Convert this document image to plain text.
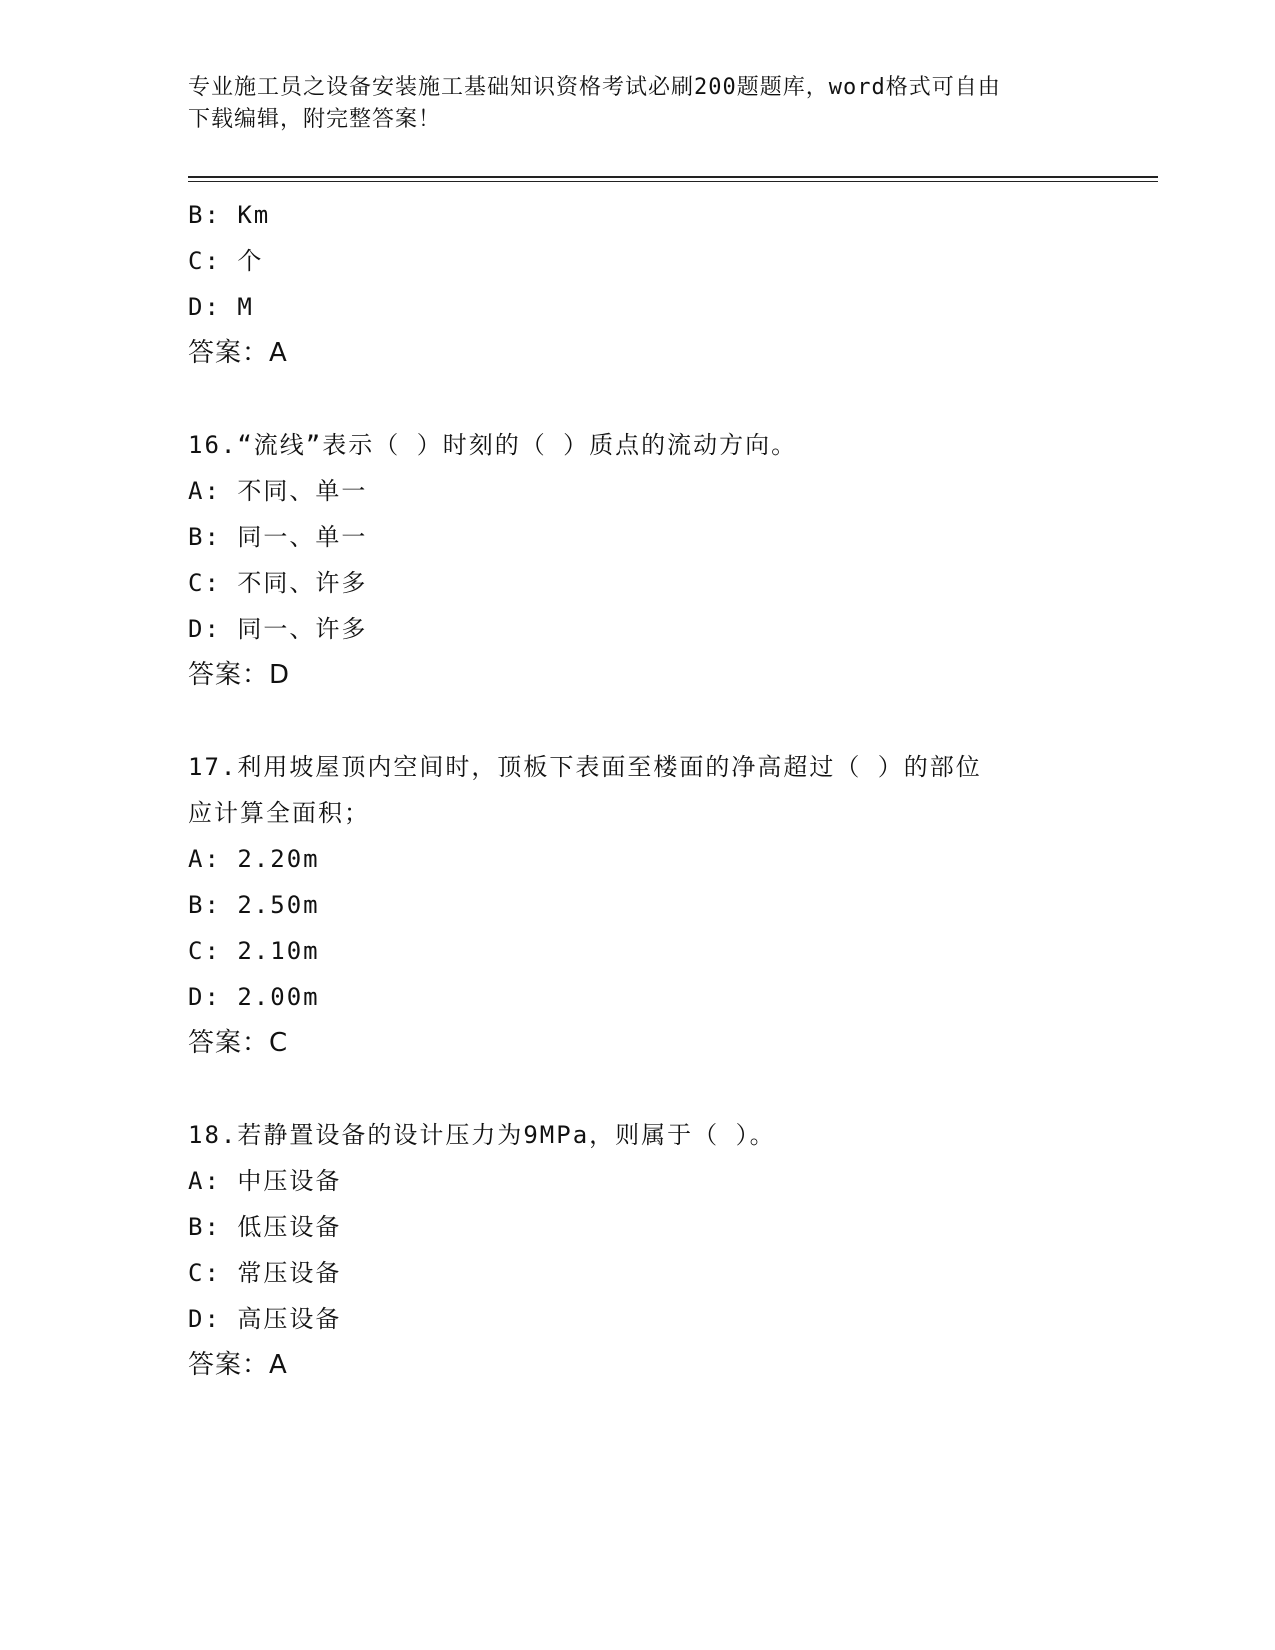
专业施工员之设备安装施工基础知识资格考试必刷200题题库，word格式可自由
下载编辑，附完整答案！
B: Km
C: 个
D: M
答案：A
16.“流线”表示（ ）时刻的（ ）质点的流动方向。
A: 不同、单一
B: 同一、单一
C: 不同、许多
D: 同一、许多
答案：D
17.利用坡屋顶内空间时，顶板下表面至楼面的净高超过（ ）的部位
应计算全面积；
A: 2.20m
B: 2.50m
C: 2.10m
D: 2.00m
答案：C
18.若静置设备的设计压力为9MPa，则属于（ ）。
A: 中压设备
B: 低压设备
C: 常压设备
D: 高压设备
答案：A
